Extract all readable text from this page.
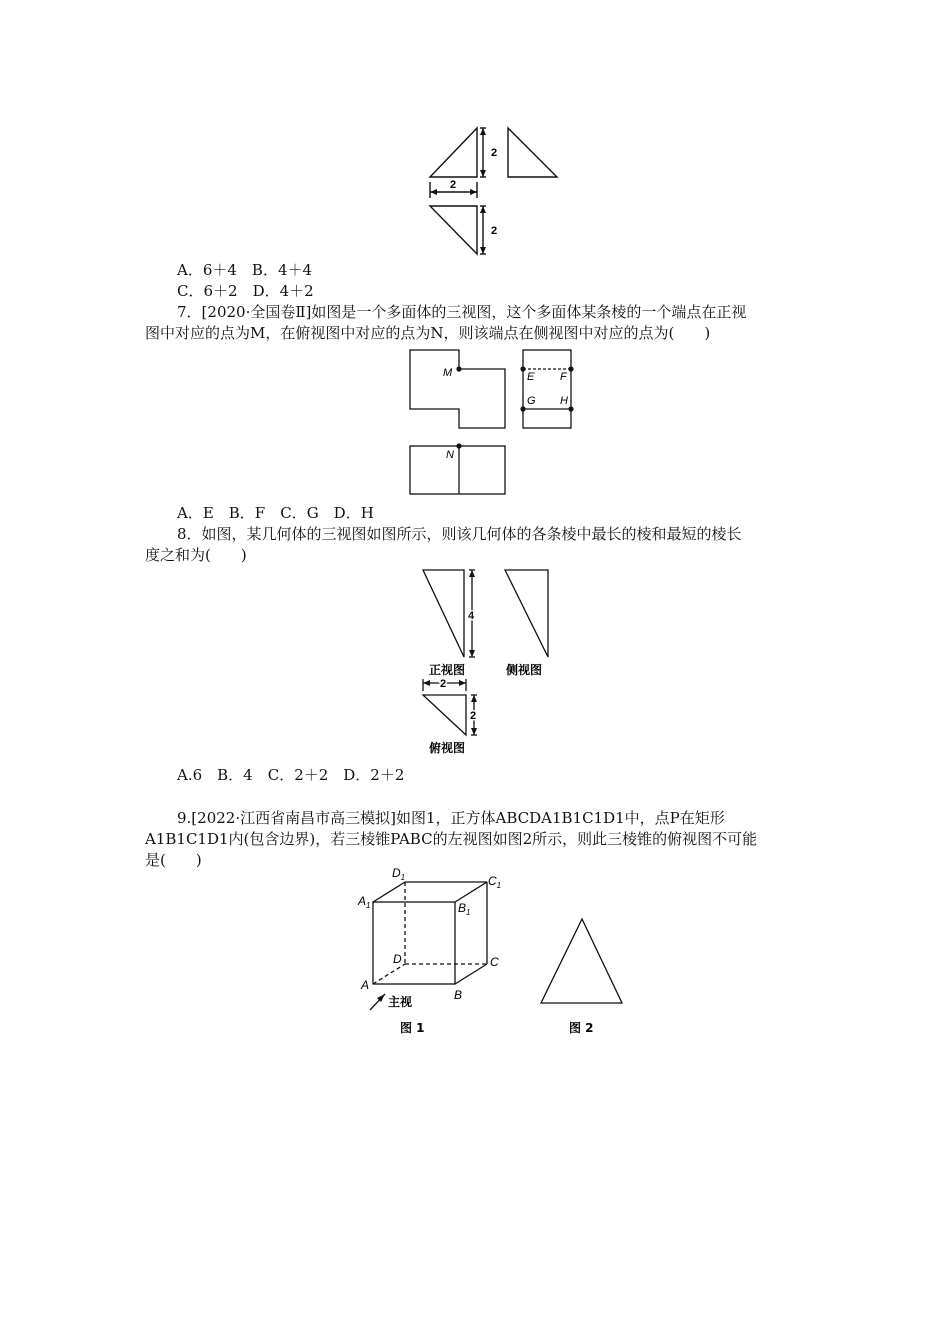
2
2
2
A．6＋4　B．4＋4
C．6＋2　D．4＋2
7．[2020·全国卷Ⅱ]如图是一个多面体的三视图，这个多面体某条棱的一个端点在正视
图中对应的点为M，在俯视图中对应的点为N，则该端点在侧视图中对应的点为(　　)
M	E F
G H
N
A．E　B．F　C．G　D．H
8．如图，某几何体的三视图如图所示，则该几何体的各条棱中最长的棱和最短的棱长
度之和为(　　)
4
2
2
正视图	侧视图
俯视图
A.6　B．4　C．2＋2　D．2＋2
9.[2022·江西省南昌市高三模拟]如图1，正方体ABCDA1B1C1D1中，点P在矩形
A1B1C1D1内(包含边界)，若三棱锥PABC的左视图如图2所示，则此三棱锥的俯视图不可能
是(　　)
$A_1$	$B_1$
$D_1$	$C_1$
D	C
A
B
主视
图 1	图 2
